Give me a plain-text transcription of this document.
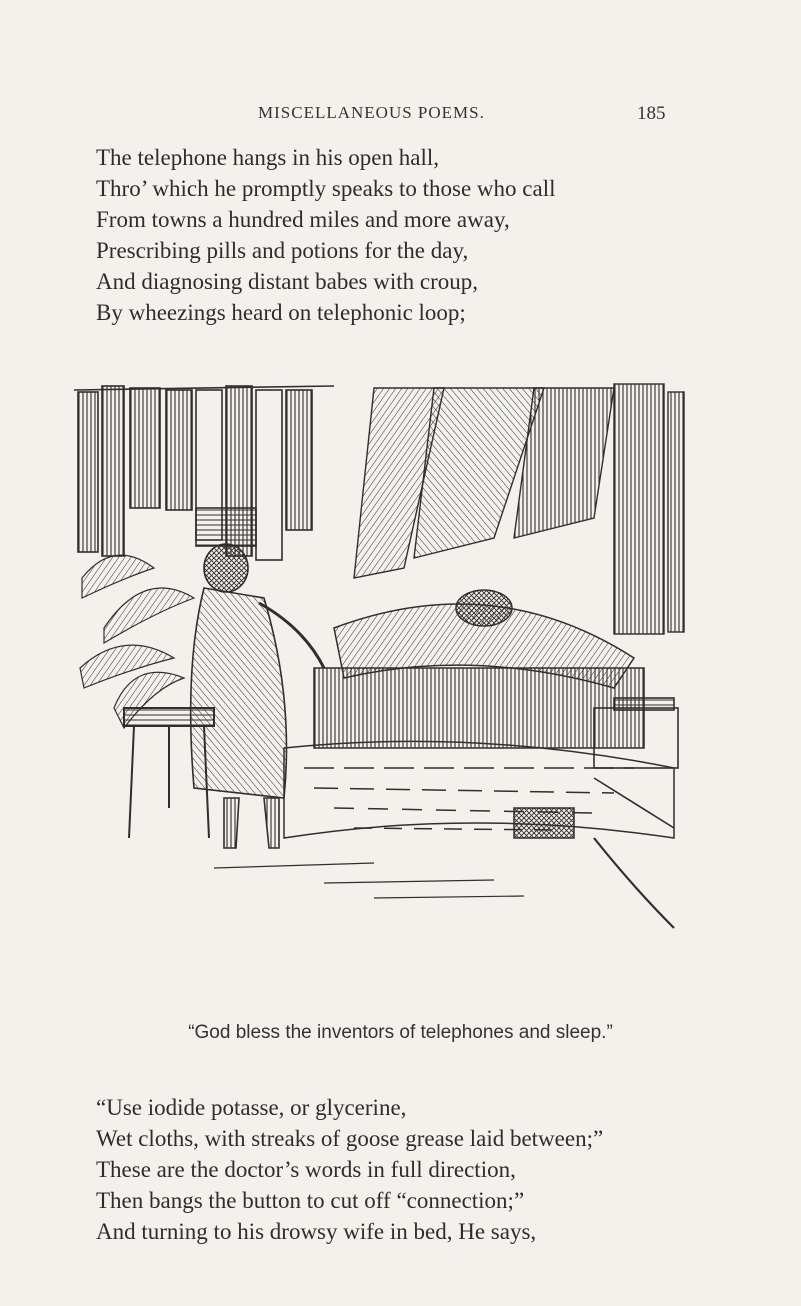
MISCELLANEOUS POEMS.	185
The telephone hangs in his open hall,
Thro’ which he promptly speaks to those who call
From towns a hundred miles and more away,
Prescribing pills and potions for the day,
And diagnosing distant babes with croup,
By wheezings heard on telephonic loop;
“God bless the inventors of telephones and sleep.”
“Use iodide potasse, or glycerine,
Wet cloths, with streaks of goose grease laid between;”
These are the doctor’s words in full direction,
Then bangs the button to cut off “connection;”
And turning to his drowsy wife in bed, He says,
